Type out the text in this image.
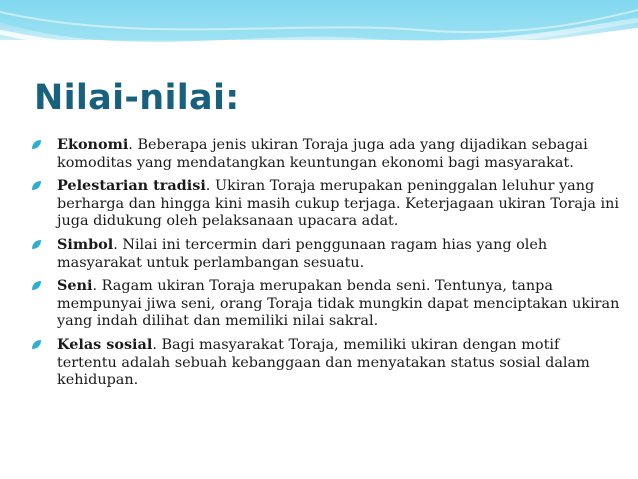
Nilai-nilai:
Ekonomi. Beberapa jenis ukiran Toraja juga ada yang dijadikan sebagai komoditas yang mendatangkan keuntungan ekonomi bagi masyarakat.
Pelestarian tradisi. Ukiran Toraja merupakan peninggalan leluhur yang berharga dan hingga kini masih cukup terjaga. Keterjagaan ukiran Toraja ini juga didukung oleh pelaksanaan upacara adat.
Simbol. Nilai ini tercermin dari penggunaan ragam hias yang oleh masyarakat untuk perlambangan sesuatu.
Seni. Ragam ukiran Toraja merupakan benda seni. Tentunya, tanpa mempunyai jiwa seni, orang Toraja tidak mungkin dapat menciptakan ukiran yang indah dilihat dan memiliki nilai sakral.
Kelas sosial. Bagi masyarakat Toraja, memiliki ukiran dengan motif tertentu adalah sebuah kebanggaan dan menyatakan status sosial dalam kehidupan.
